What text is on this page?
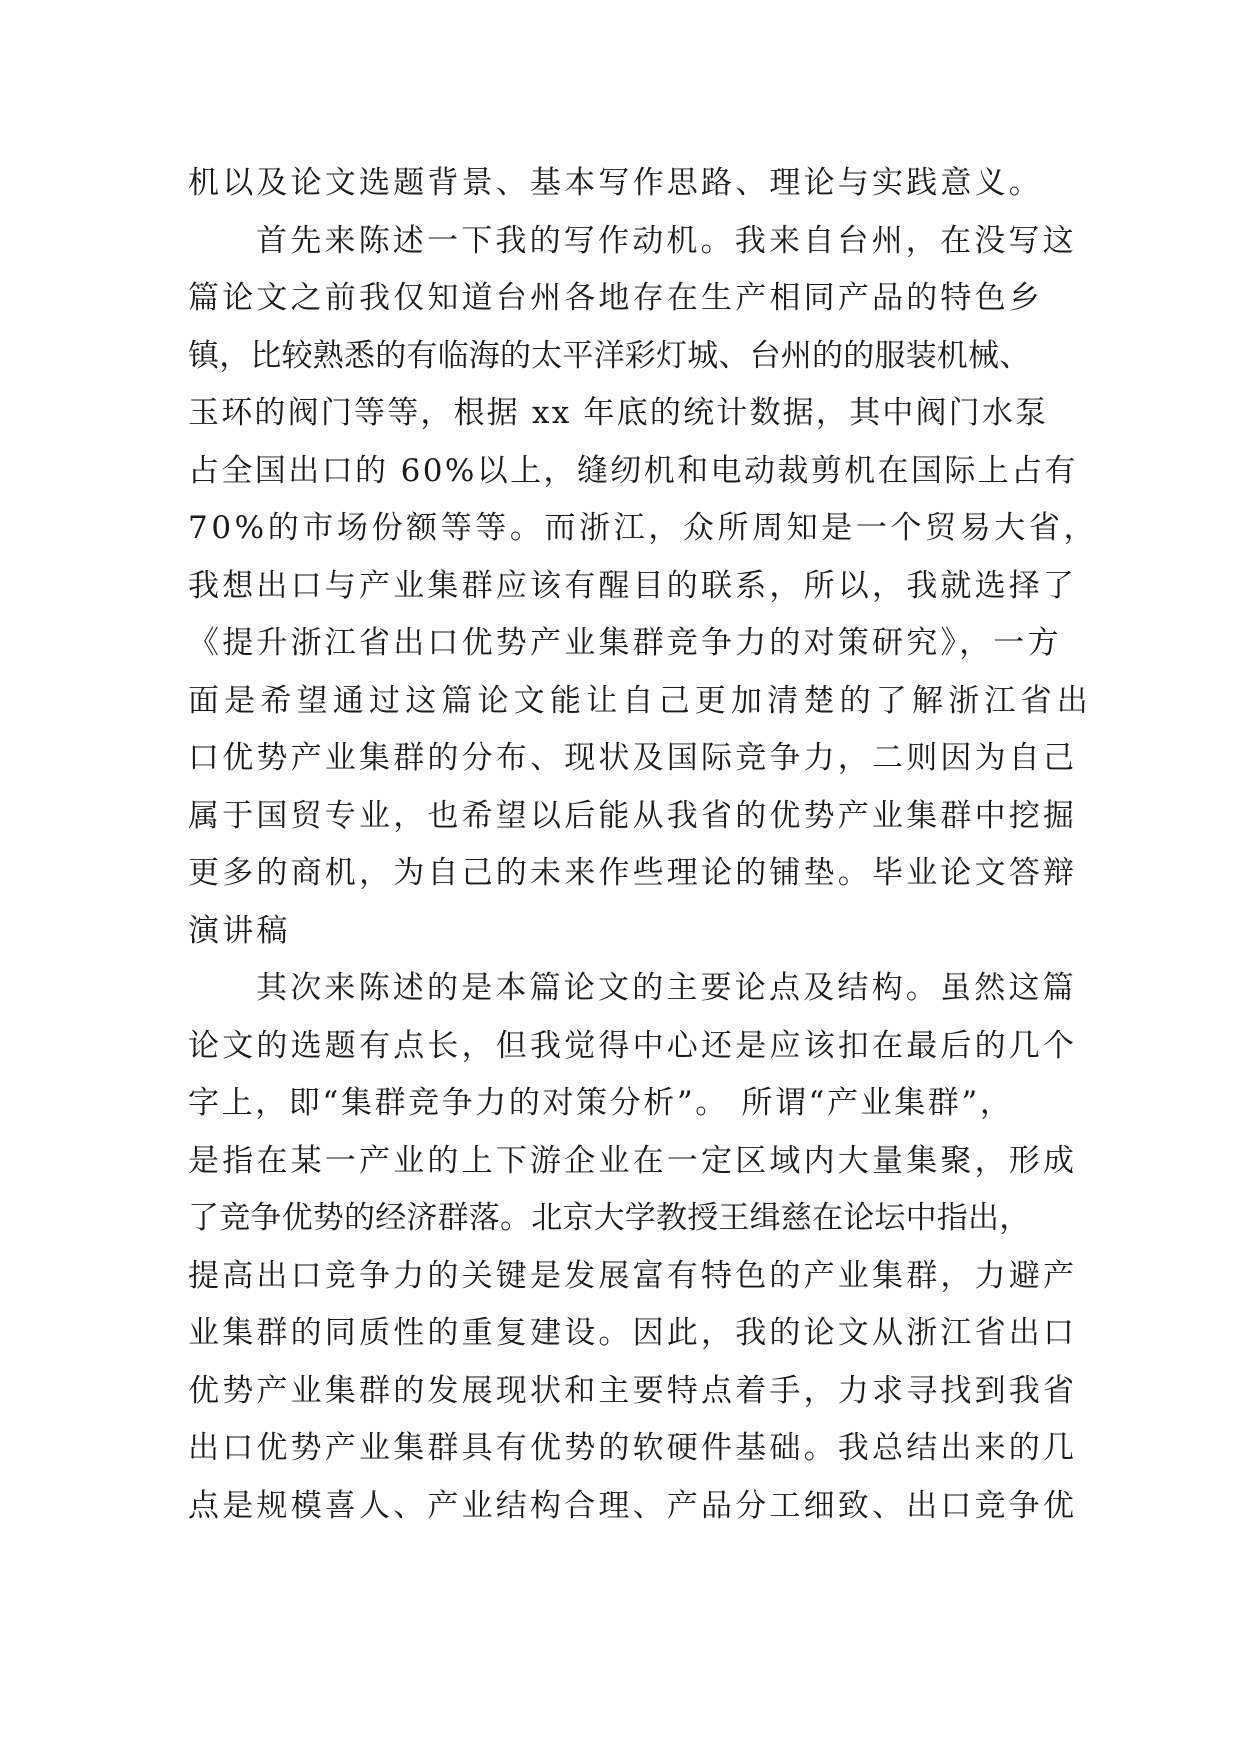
机以及论文选题背景、基本写作思路、理论与实践意义。
首先来陈述一下我的写作动机。我来自台州，在没写这
篇论文之前我仅知道台州各地存在生产相同产品的特色乡
镇，比较熟悉的有临海的太平洋彩灯城、台州的的服装机械、
玉环的阀门等等，根据 xx 年底的统计数据，其中阀门水泵
占全国出口的 60%以上，缝纫机和电动裁剪机在国际上占有
70%的市场份额等等。而浙江，众所周知是一个贸易大省，
我想出口与产业集群应该有醒目的联系，所以，我就选择了
《提升浙江省出口优势产业集群竞争力的对策研究》，一方
面是希望通过这篇论文能让自己更加清楚的了解浙江省出
口优势产业集群的分布、现状及国际竞争力，二则因为自己
属于国贸专业，也希望以后能从我省的优势产业集群中挖掘
更多的商机，为自己的未来作些理论的铺垫。毕业论文答辩
演讲稿
其次来陈述的是本篇论文的主要论点及结构。虽然这篇
论文的选题有点长，但我觉得中心还是应该扣在最后的几个
字上，即“集群竞争力的对策分析”。 所谓“产业集群”，
是指在某一产业的上下游企业在一定区域内大量集聚，形成
了竞争优势的经济群落。北京大学教授王缉慈在论坛中指出，
提高出口竞争力的关键是发展富有特色的产业集群，力避产
业集群的同质性的重复建设。因此，我的论文从浙江省出口
优势产业集群的发展现状和主要特点着手，力求寻找到我省
出口优势产业集群具有优势的软硬件基础。我总结出来的几
点是规模喜人、产业结构合理、产品分工细致、出口竞争优
